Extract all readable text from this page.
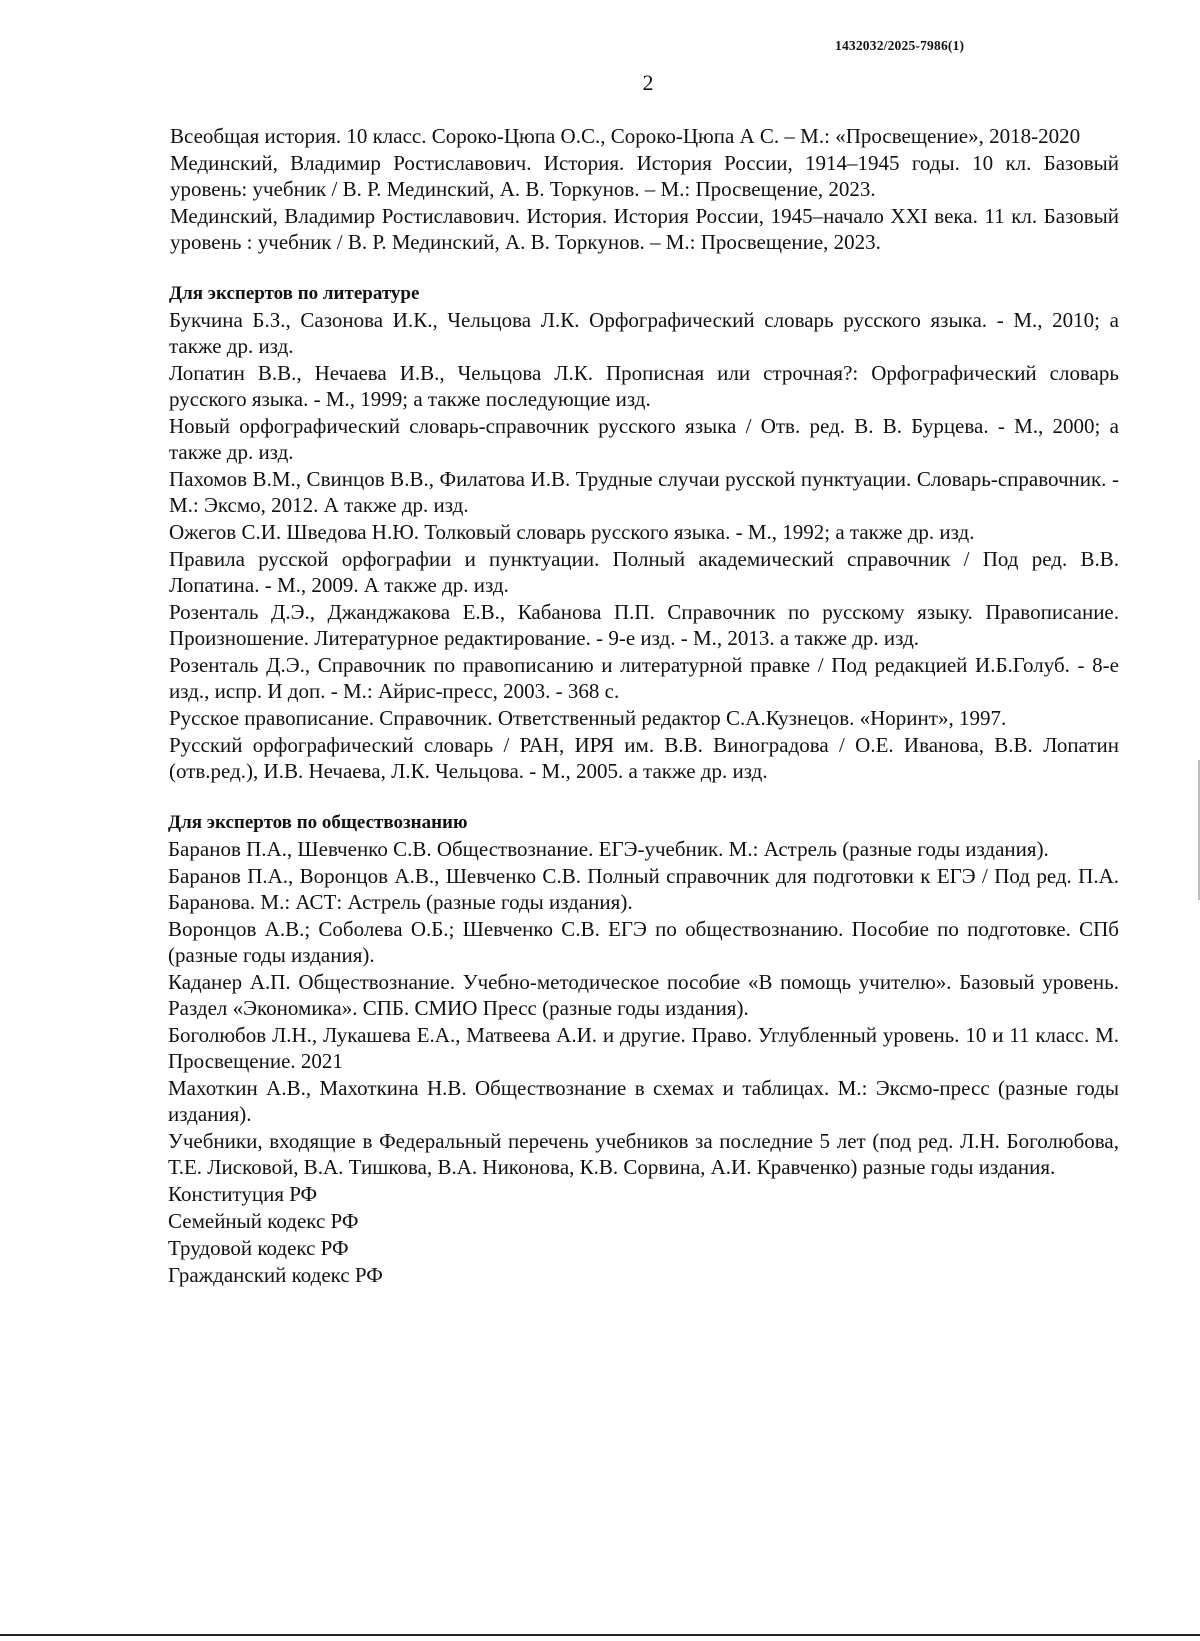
1432032/2025-7986(1)
2

Всеобщая история. 10 класс. Сороко-Цюпа О.С., Сороко-Цюпа А С. – М.: «Просвещение», 2018-2020

Мединский, Владимир Ростиславович. История. История России, 1914–1945 годы. 10 кл. Базовый уровень: учебник / В. Р. Мединский, А. В. Торкунов. – М.: Просвещение, 2023.

Мединский, Владимир Ростиславович. История. История России, 1945–начало XXI века. 11 кл. Базовый уровень : учебник / В. Р. Мединский, А. В. Торкунов. – М.: Просвещение, 2023.

Для экспертов по литературе

Букчина Б.З., Сазонова И.К., Чельцова Л.К. Орфографический словарь русского языка. - М., 2010; а также др. изд.

Лопатин В.В., Нечаева И.В., Чельцова Л.К. Прописная или строчная?: Орфографический словарь русского языка. - М., 1999; а также последующие изд.

Новый орфографический словарь-справочник русского языка / Отв. ред. В. В. Бурцева. - М., 2000; а также др. изд.

Пахомов В.М., Свинцов В.В., Филатова И.В. Трудные случаи русской пунктуации. Словарь-справочник. - М.: Эксмо, 2012. А также др. изд.

Ожегов С.И. Шведова Н.Ю. Толковый словарь русского языка. - М., 1992; а также др. изд.

Правила русской орфографии и пунктуации. Полный академический справочник / Под ред. В.В. Лопатина. - М., 2009. А также др. изд.

Розенталь Д.Э., Джанджакова Е.В., Кабанова П.П. Справочник по русскому языку. Правописание. Произношение. Литературное редактирование. - 9-е изд. - М., 2013. а также др. изд.

Розенталь Д.Э., Справочник по правописанию и литературной правке / Под редакцией И.Б.Голуб. - 8-е изд., испр. И доп. - М.: Айрис-пресс, 2003. - 368 с.

Русское правописание. Справочник. Ответственный редактор С.А.Кузнецов. «Норинт», 1997.

Русский орфографический словарь / РАН, ИРЯ им. В.В. Виноградова / О.Е. Иванова, В.В. Лопатин (отв.ред.), И.В. Нечаева, Л.К. Чельцова. - М., 2005. а также др. изд.

Для экспертов по обществознанию

Баранов П.А., Шевченко С.В. Обществознание. ЕГЭ-учебник. М.: Астрель (разные годы издания).

Баранов П.А., Воронцов А.В., Шевченко С.В. Полный справочник для подготовки к ЕГЭ / Под ред. П.А. Баранова. М.: АСТ: Астрель (разные годы издания).

Воронцов А.В.; Соболева О.Б.; Шевченко С.В. ЕГЭ по обществознанию. Пособие по подготовке. СПб (разные годы издания).

Каданер А.П. Обществознание. Учебно-методическое пособие «В помощь учителю». Базовый уровень. Раздел «Экономика». СПБ. СМИО Пресс (разные годы издания).

Боголюбов Л.Н., Лукашева Е.А., Матвеева А.И. и другие. Право. Углубленный уровень. 10 и 11 класс. М. Просвещение. 2021

Махоткин А.В., Махоткина Н.В. Обществознание в схемах и таблицах. М.: Эксмо-пресс (разные годы издания).

Учебники, входящие в Федеральный перечень учебников за последние 5 лет (под ред. Л.Н. Боголюбова, Т.Е. Лисковой, В.А. Тишкова, В.А. Никонова, К.В. Сорвина, А.И. Кравченко) разные годы издания.

Конституция РФ

Семейный кодекс РФ

Трудовой кодекс РФ

Гражданский кодекс РФ
